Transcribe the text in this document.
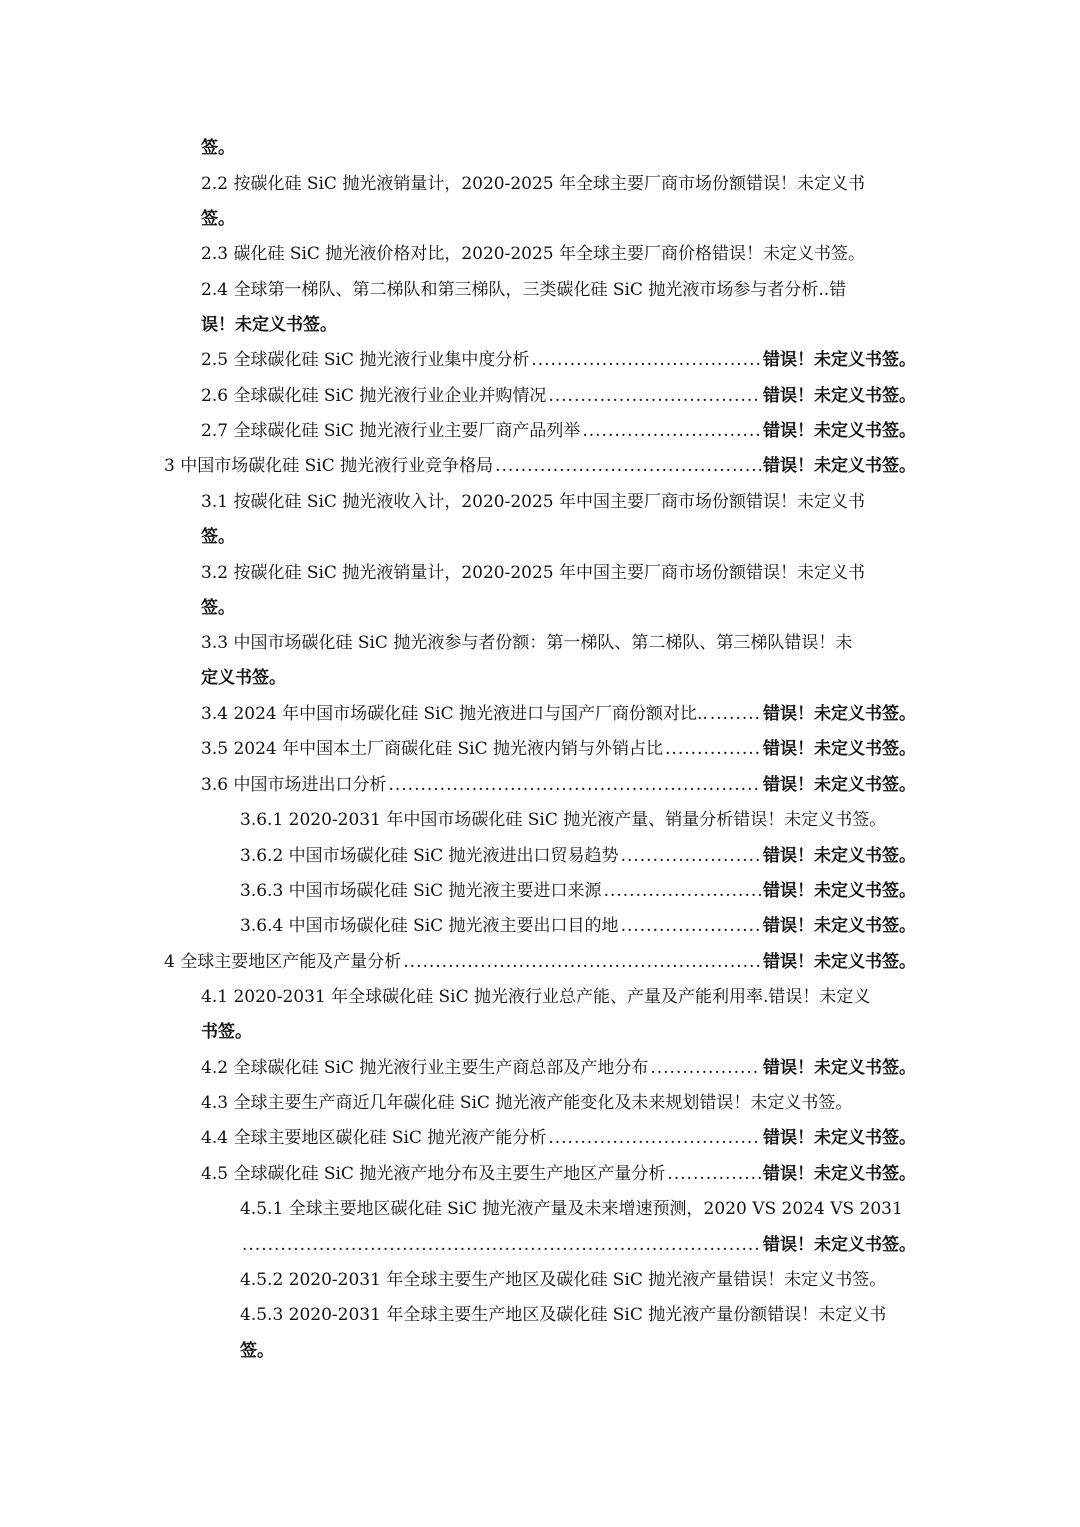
签。
2.2 按碳化硅 SiC 抛光液销量计，2020-2025 年全球主要厂商市场份额错误！未定义书
签。
2.3 碳化硅 SiC 抛光液价格对比，2020-2025 年全球主要厂商价格错误！未定义书签。
2.4 全球第一梯队、第二梯队和第三梯队，三类碳化硅 SiC 抛光液市场参与者分析..错
误！未定义书签。
2.5 全球碳化硅 SiC 抛光液行业集中度分析 .....	错误！未定义书签。
2.6 全球碳化硅 SiC 抛光液行业企业并购情况 .....	错误！未定义书签。
2.7 全球碳化硅 SiC 抛光液行业主要厂商产品列举 .....	错误！未定义书签。
3 中国市场碳化硅 SiC 抛光液行业竞争格局 .....	错误！未定义书签。
3.1 按碳化硅 SiC 抛光液收入计，2020-2025 年中国主要厂商市场份额错误！未定义书
签。
3.2 按碳化硅 SiC 抛光液销量计，2020-2025 年中国主要厂商市场份额错误！未定义书
签。
3.3 中国市场碳化硅 SiC 抛光液参与者份额：第一梯队、第二梯队、第三梯队错误！未
定义书签。
3.4 2024 年中国市场碳化硅 SiC 抛光液进口与国产厂商份额对比.. .....	错误！未定义书签。
3.5 2024 年中国本土厂商碳化硅 SiC 抛光液内销与外销占比 .....	错误！未定义书签。
3.6 中国市场进出口分析 .....	错误！未定义书签。
3.6.1 2020-2031 年中国市场碳化硅 SiC 抛光液产量、销量分析错误！未定义书签。
3.6.2 中国市场碳化硅 SiC 抛光液进出口贸易趋势 .....	错误！未定义书签。
3.6.3 中国市场碳化硅 SiC 抛光液主要进口来源 .....	错误！未定义书签。
3.6.4 中国市场碳化硅 SiC 抛光液主要出口目的地 .....	错误！未定义书签。
4 全球主要地区产能及产量分析 .....	错误！未定义书签。
4.1 2020-2031 年全球碳化硅 SiC 抛光液行业总产能、产量及产能利用率.错误！未定义
书签。
4.2 全球碳化硅 SiC 抛光液行业主要生产商总部及产地分布 .....	错误！未定义书签。
4.3 全球主要生产商近几年碳化硅 SiC 抛光液产能变化及未来规划错误！未定义书签。
4.4 全球主要地区碳化硅 SiC 抛光液产能分析 .....	错误！未定义书签。
4.5 全球碳化硅 SiC 抛光液产地分布及主要生产地区产量分析 .....	错误！未定义书签。
4.5.1 全球主要地区碳化硅 SiC 抛光液产量及未来增速预测，2020 VS 2024 VS 2031
.....
错误！未定义书签。
4.5.2 2020-2031 年全球主要生产地区及碳化硅 SiC 抛光液产量错误！未定义书签。
4.5.3 2020-2031 年全球主要生产地区及碳化硅 SiC 抛光液产量份额错误！未定义书
签。
